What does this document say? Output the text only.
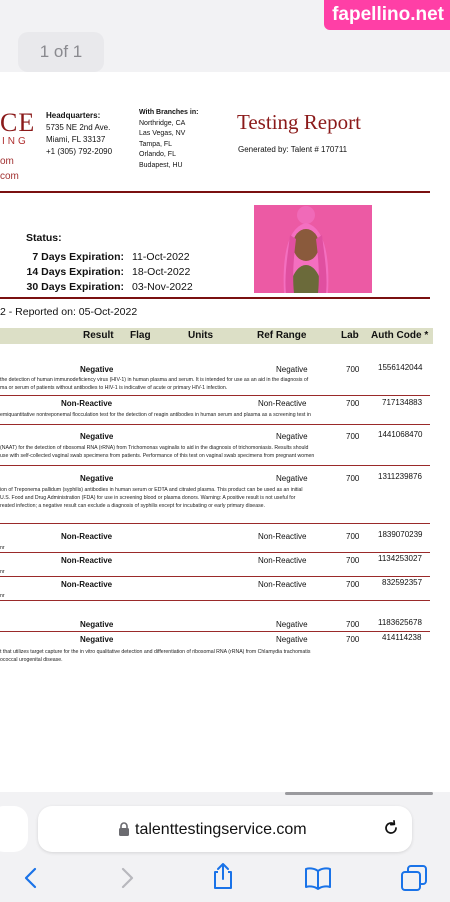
1 of 1
fapellino.net
CE
ING
om
com
Headquarters:
5735 NE 2nd Ave.
Miami, FL 33137
+1 (305) 792-2090
With Branches in:
Northridge, CA
Las Vegas, NV
Tampa, FL
Orlando, FL
Budapest, HU
Testing Report
Generated by: Talent # 170711
Status:
7 Days Expiration: 11-Oct-2022
14 Days Expiration: 18-Oct-2022
30 Days Expiration: 03-Nov-2022
2 - Reported on: 05-Oct-2022
Result Flag	Units	Ref Range	Lab Auth Code *
Negative	Negative	700 1556142044
the detection of human immunodeficiency virus (HIV-1) in human plasma and serum. It is intended for use as an aid in the diagnosis of
ma or serum of patients without antibodies to HIV-1 is indicative of acute or primary HIV-1 infection.
Non-Reactive	Non-Reactive	700	717134883
emiquantitative nontreponemal flocculation test for the detection of reagin antibodies in human serum and plasma as a screening test in
Negative	Negative	700 1441068470
(NAAT) for the detection of ribosomal RNA (rRNA) from Trichomonas vaginalis to aid in the diagnosis of trichomoniasis. Results should
use with self-collected vaginal swab specimens from patients. Performance of this test on vaginal swab specimens from pregnant women
Negative	Negative	700 1311239876
ion of Treponema pallidum (syphilis) antibodies in human serum or EDTA and citrated plasma. This product can be used as an initial
U.S. Food and Drug Administration (FDA) for use in screening blood or plasma donors. Warning: A positive result is not useful for
reated infection; a negative result can exclude a diagnosis of syphilis except for incubating or early primary disease.
Non-Reactive	Non-Reactive	700 1839070239
nr
Non-Reactive	Non-Reactive	700 1134253027
nr
Non-Reactive	Non-Reactive	700	832592357
nr
Negative	Negative	700 1183625678
Negative	Negative	700	414114238
t that utilizes target capture for the in vitro qualitative detection and differentiation of ribosomal RNA (rRNA) from Chlamydia trachomatis
ococcal urogenital disease.
talenttestingservice.com
